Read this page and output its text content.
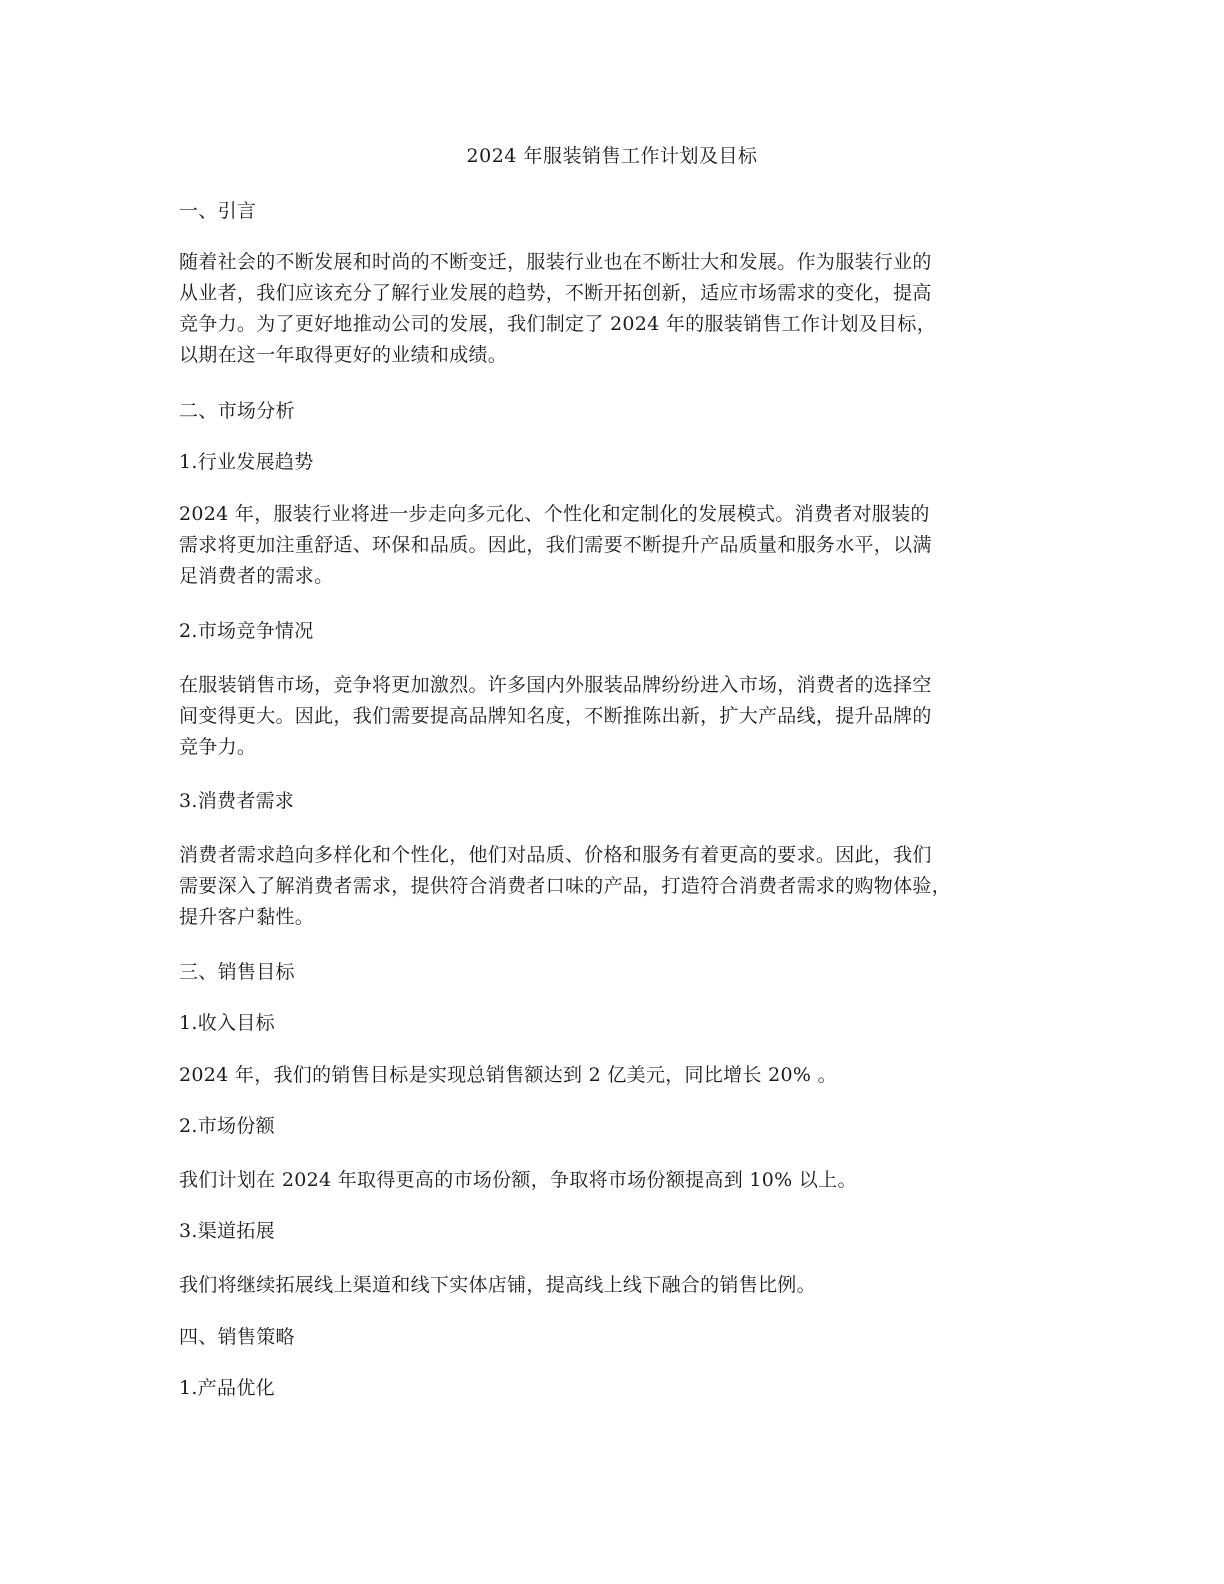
2024 年服装销售工作计划及目标
一、引言
随着社会的不断发展和时尚的不断变迁，服装行业也在不断壮大和发展。作为服装行业的
从业者，我们应该充分了解行业发展的趋势，不断开拓创新，适应市场需求的变化，提高
竞争力。为了更好地推动公司的发展，我们制定了 2024 年的服装销售工作计划及目标，
以期在这一年取得更好的业绩和成绩。
二、市场分析
1.行业发展趋势
2024 年，服装行业将进一步走向多元化、个性化和定制化的发展模式。消费者对服装的
需求将更加注重舒适、环保和品质。因此，我们需要不断提升产品质量和服务水平，以满
足消费者的需求。
2.市场竞争情况
在服装销售市场，竞争将更加激烈。许多国内外服装品牌纷纷进入市场，消费者的选择空
间变得更大。因此，我们需要提高品牌知名度，不断推陈出新，扩大产品线，提升品牌的
竞争力。
3.消费者需求
消费者需求趋向多样化和个性化，他们对品质、价格和服务有着更高的要求。因此，我们
需要深入了解消费者需求，提供符合消费者口味的产品，打造符合消费者需求的购物体验，
提升客户黏性。
三、销售目标
1.收入目标
2024 年，我们的销售目标是实现总销售额达到 2 亿美元，同比增长 20% 。
2.市场份额
我们计划在 2024 年取得更高的市场份额，争取将市场份额提高到 10% 以上。
3.渠道拓展
我们将继续拓展线上渠道和线下实体店铺，提高线上线下融合的销售比例。
四、销售策略
1.产品优化
